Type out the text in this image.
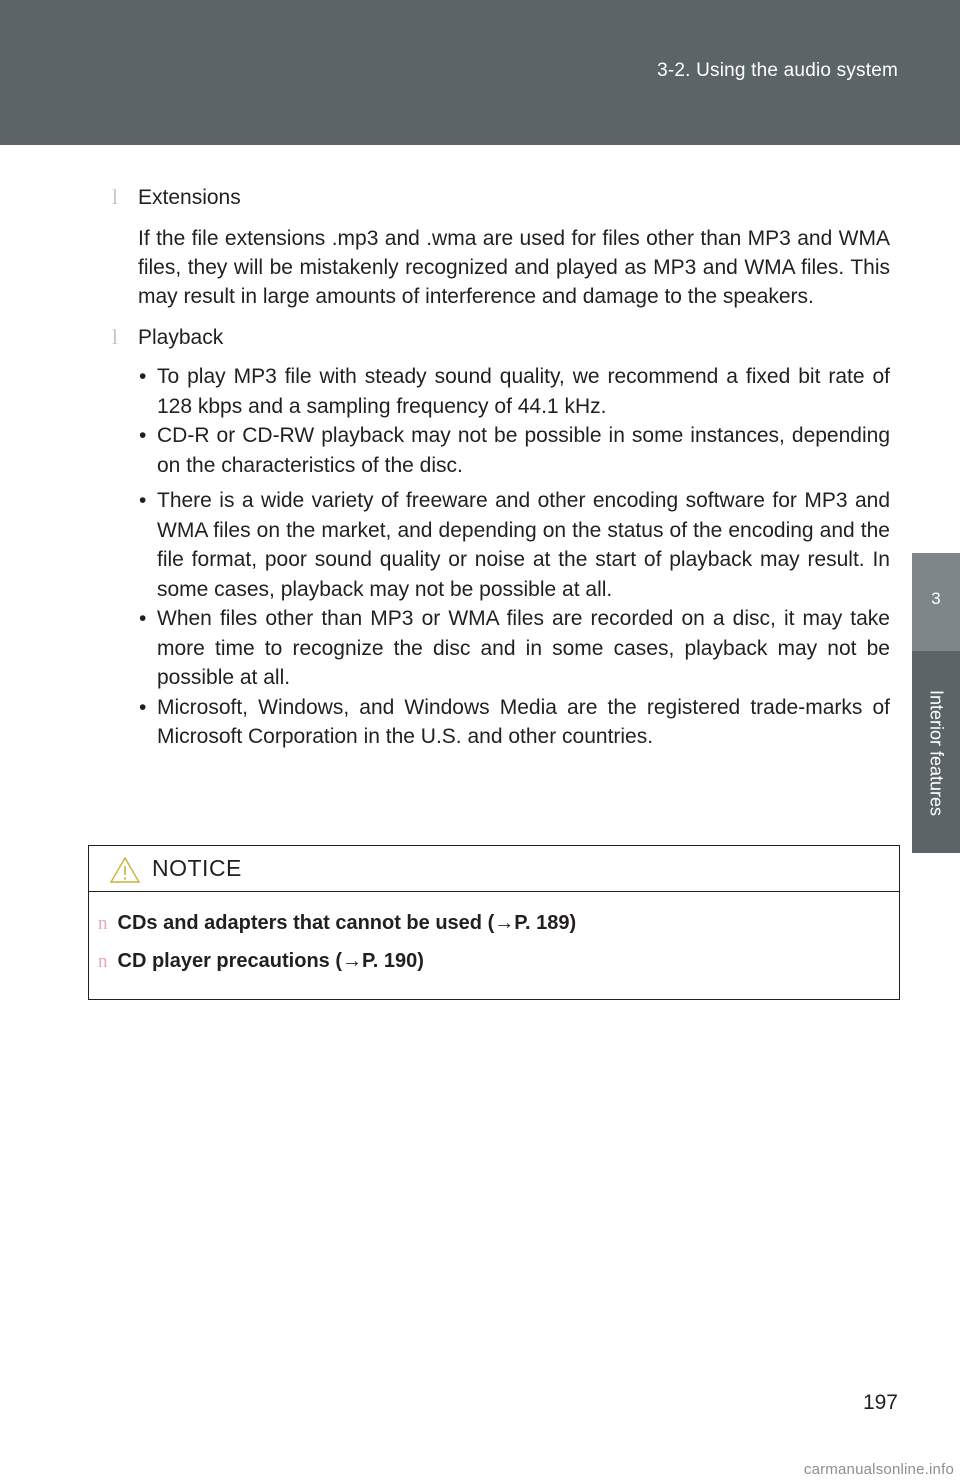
3-2. Using the audio system
3
Interior features
l Extensions
If the file extensions .mp3 and .wma are used for files other than MP3 and WMA files, they will be mistakenly recognized and played as MP3 and WMA files. This may result in large amounts of interference and damage to the speakers.
l Playback
• To play MP3 file with steady sound quality, we recommend a fixed bit rate of 128 kbps and a sampling frequency of 44.1 kHz.
• CD-R or CD-RW playback may not be possible in some instances, depending on the characteristics of the disc.
• There is a wide variety of freeware and other encoding software for MP3 and WMA files on the market, and depending on the status of the encoding and the file format, poor sound quality or noise at the start of playback may result. In some cases, playback may not be possible at all.
• When files other than MP3 or WMA files are recorded on a disc, it may take more time to recognize the disc and in some cases, playback may not be possible at all.
• Microsoft, Windows, and Windows Media are the registered trade-marks of Microsoft Corporation in the U.S. and other countries.
NOTICE
n CDs and adapters that cannot be used (→P. 189)
n CD player precautions (→P. 190)
197
carmanualsonline.info
